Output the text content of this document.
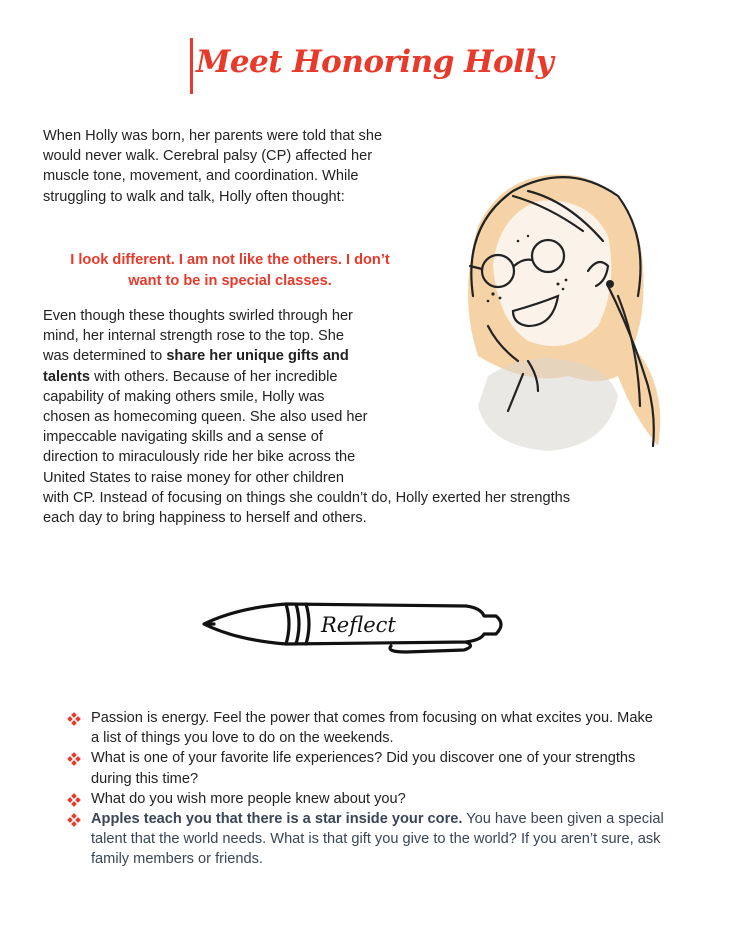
Meet Honoring Holly
When Holly was born, her parents were told that she would never walk. Cerebral palsy (CP) affected her muscle tone, movement, and coordination. While struggling to walk and talk, Holly often thought:
I look different. I am not like the others. I don’t want to be in special classes.
Even though these thoughts swirled through her
mind, her internal strength rose to the top. She
was determined to share her unique gifts and
talents with others. Because of her incredible
capability of making others smile, Holly was
chosen as homecoming queen. She also used her
impeccable navigating skills and a sense of
direction to miraculously ride her bike across the
United States to raise money for other children
with CP. Instead of focusing on things she couldn’t do, Holly exerted her strengths
each day to bring happiness to herself and others.
Reflect
Passion is energy. Feel the power that comes from focusing on what excites you. Make a list of things you love to do on the weekends.
What is one of your favorite life experiences? Did you discover one of your strengths during this time?
What do you wish more people knew about you?
Apples teach you that there is a star inside your core. You have been given a special talent that the world needs. What is that gift you give to the world? If you aren’t sure, ask family members or friends.
